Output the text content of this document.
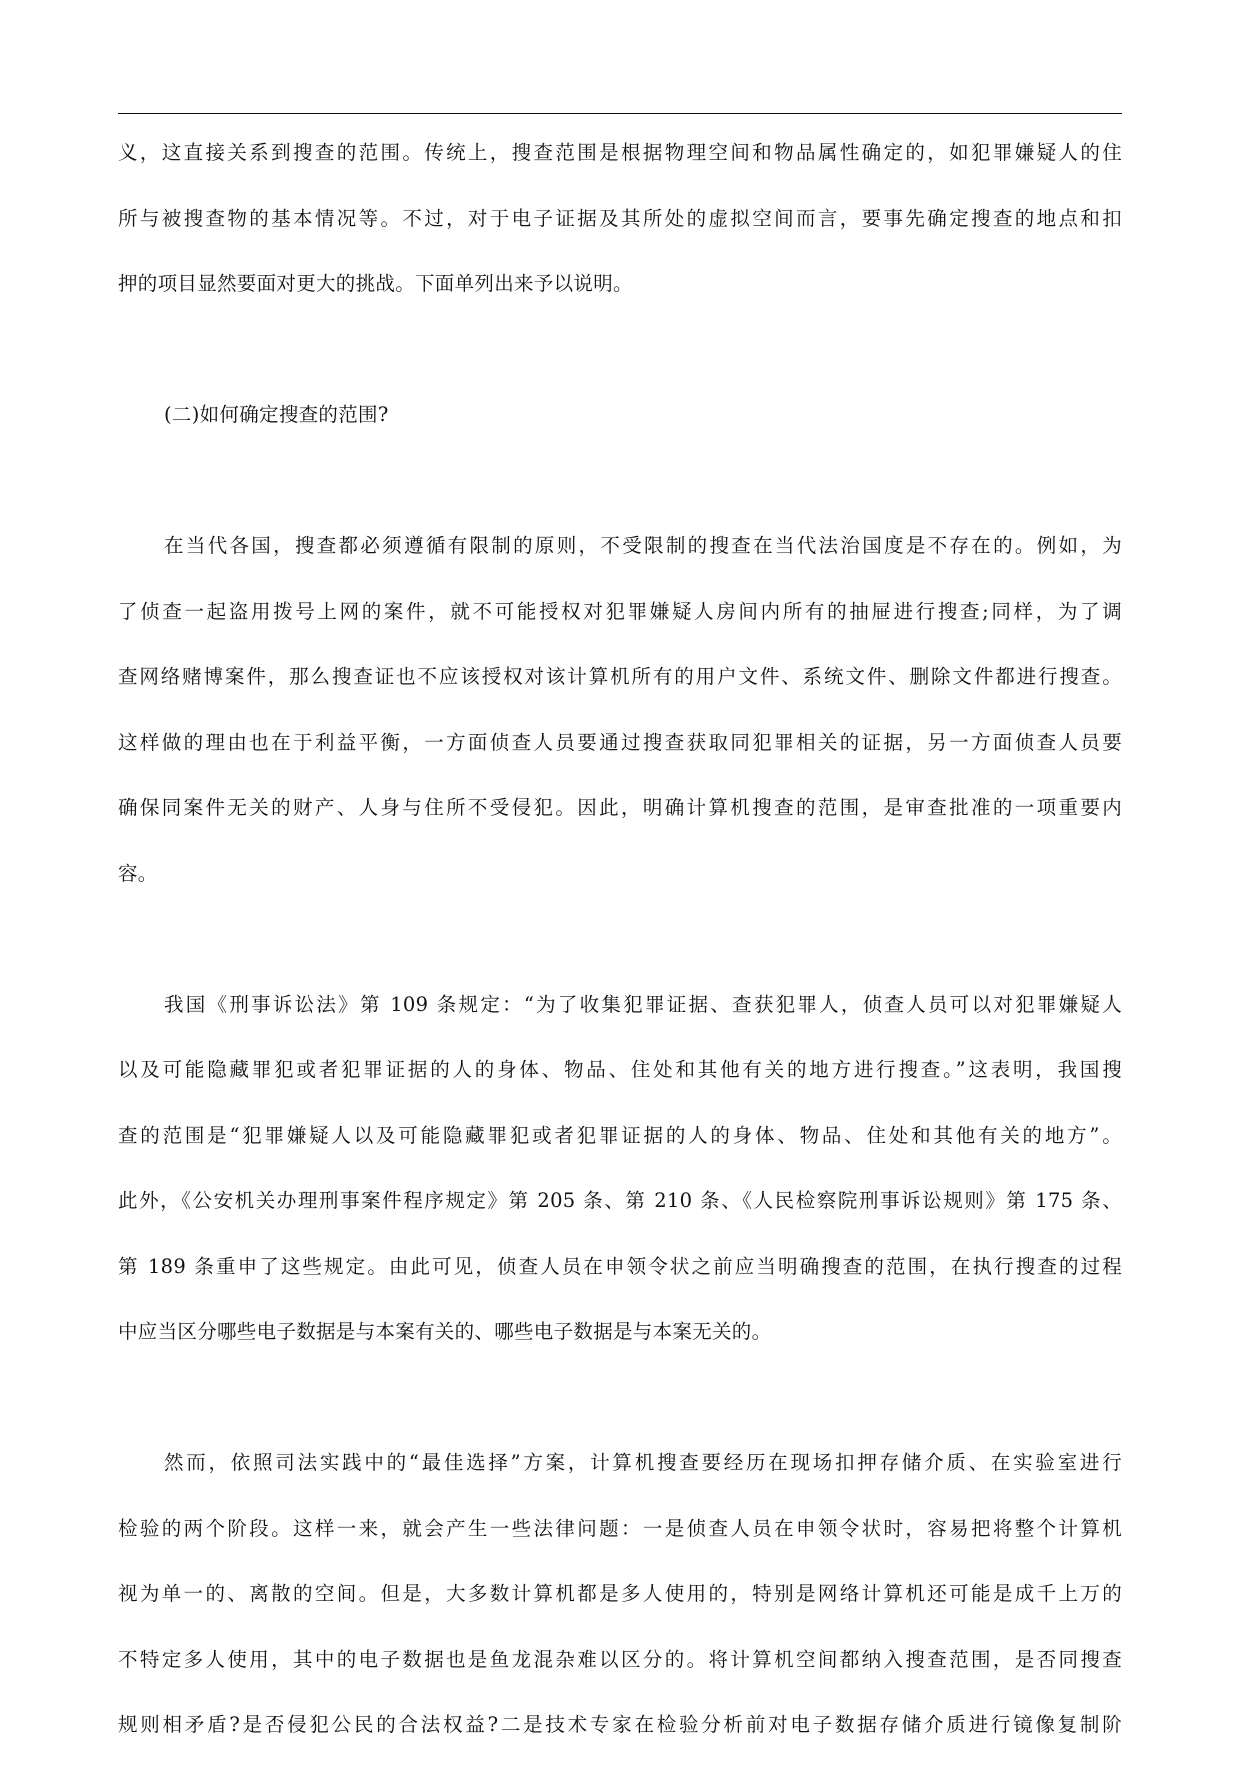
义，这直接关系到搜查的范围。传统上，搜查范围是根据物理空间和物品属性确定的，如犯罪嫌疑人的住
所与被搜查物的基本情况等。不过，对于电子证据及其所处的虚拟空间而言，要事先确定搜查的地点和扣
押的项目显然要面对更大的挑战。下面单列出来予以说明。
(二)如何确定搜查的范围?
在当代各国，搜查都必须遵循有限制的原则，不受限制的搜查在当代法治国度是不存在的。例如，为
了侦查一起盗用拨号上网的案件，就不可能授权对犯罪嫌疑人房间内所有的抽屉进行搜查;同样，为了调
查网络赌博案件，那么搜查证也不应该授权对该计算机所有的用户文件、系统文件、删除文件都进行搜查。
这样做的理由也在于利益平衡，一方面侦查人员要通过搜查获取同犯罪相关的证据，另一方面侦查人员要
确保同案件无关的财产、人身与住所不受侵犯。因此，明确计算机搜查的范围，是审查批准的一项重要内
容。
我国《刑事诉讼法》第 109 条规定：“为了收集犯罪证据、查获犯罪人，侦查人员可以对犯罪嫌疑人
以及可能隐藏罪犯或者犯罪证据的人的身体、物品、住处和其他有关的地方进行搜查。”这表明，我国搜
查的范围是“犯罪嫌疑人以及可能隐藏罪犯或者犯罪证据的人的身体、物品、住处和其他有关的地方”。
此外，《公安机关办理刑事案件程序规定》第 205 条、第 210 条、《人民检察院刑事诉讼规则》第 175 条、
第 189 条重申了这些规定。由此可见，侦查人员在申领令状之前应当明确搜查的范围，在执行搜查的过程
中应当区分哪些电子数据是与本案有关的、哪些电子数据是与本案无关的。
然而，依照司法实践中的“最佳选择”方案，计算机搜查要经历在现场扣押存储介质、在实验室进行
检验的两个阶段。这样一来，就会产生一些法律问题：一是侦查人员在申领令状时，容易把将整个计算机
视为单一的、离散的空间。但是，大多数计算机都是多人使用的，特别是网络计算机还可能是成千上万的
不特定多人使用，其中的电子数据也是鱼龙混杂难以区分的。将计算机空间都纳入搜查范围，是否同搜查
规则相矛盾?是否侵犯公民的合法权益?二是技术专家在检验分析前对电子数据存储介质进行镜像复制阶
